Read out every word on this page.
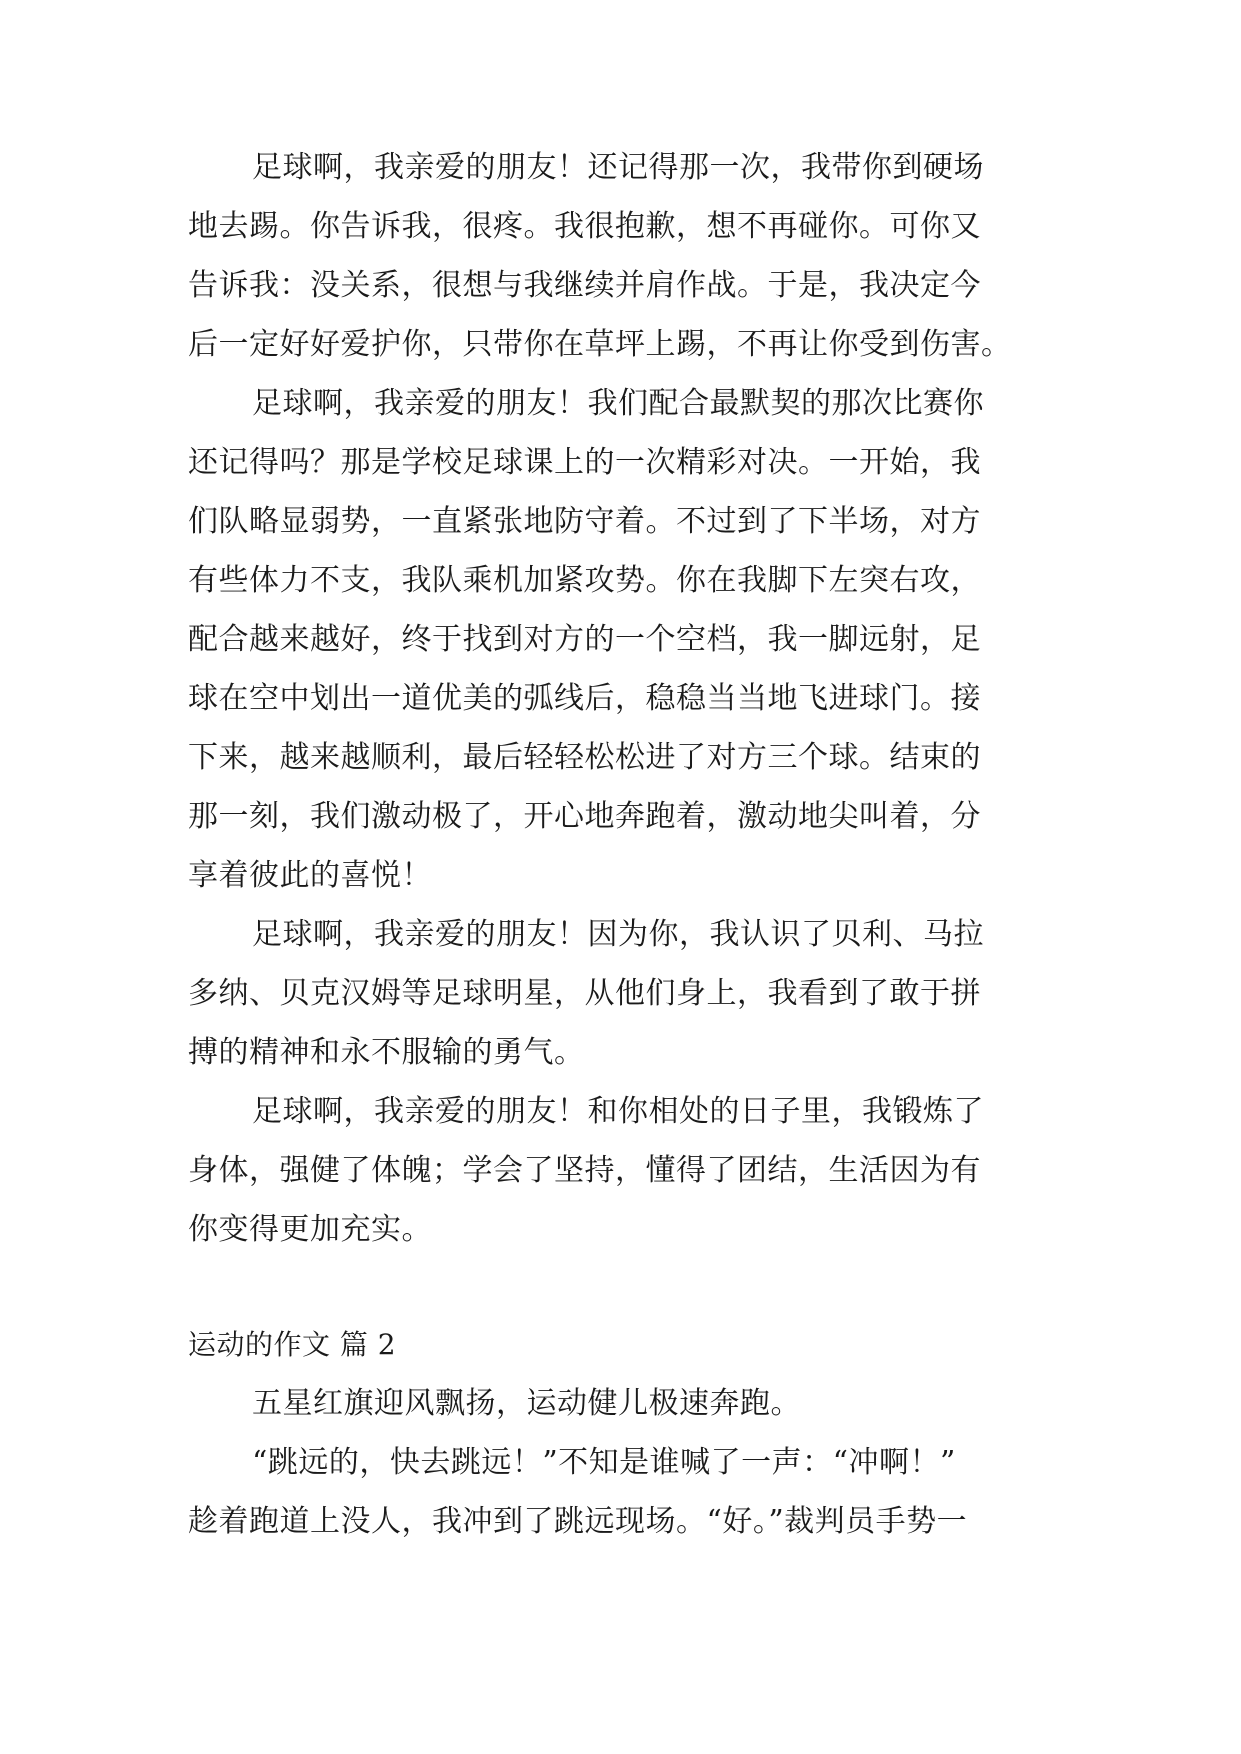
足球啊，我亲爱的朋友！还记得那一次，我带你到硬场
地去踢。你告诉我，很疼。我很抱歉，想不再碰你。可你又
告诉我：没关系，很想与我继续并肩作战。于是，我决定今
后一定好好爱护你，只带你在草坪上踢，不再让你受到伤害。
足球啊，我亲爱的朋友！我们配合最默契的那次比赛你
还记得吗？那是学校足球课上的一次精彩对决。一开始，我
们队略显弱势，一直紧张地防守着。不过到了下半场，对方
有些体力不支，我队乘机加紧攻势。你在我脚下左突右攻，
配合越来越好，终于找到对方的一个空档，我一脚远射，足
球在空中划出一道优美的弧线后，稳稳当当地飞进球门。接
下来，越来越顺利，最后轻轻松松进了对方三个球。结束的
那一刻，我们激动极了，开心地奔跑着，激动地尖叫着，分
享着彼此的喜悦！
足球啊，我亲爱的朋友！因为你，我认识了贝利、马拉
多纳、贝克汉姆等足球明星，从他们身上，我看到了敢于拼
搏的精神和永不服输的勇气。
足球啊，我亲爱的朋友！和你相处的日子里，我锻炼了
身体，强健了体魄；学会了坚持，懂得了团结，生活因为有
你变得更加充实。
运动的作文 篇 2
五星红旗迎风飘扬，运动健儿极速奔跑。
“跳远的，快去跳远！”不知是谁喊了一声：“冲啊！”
趁着跑道上没人，我冲到了跳远现场。“好。”裁判员手势一
